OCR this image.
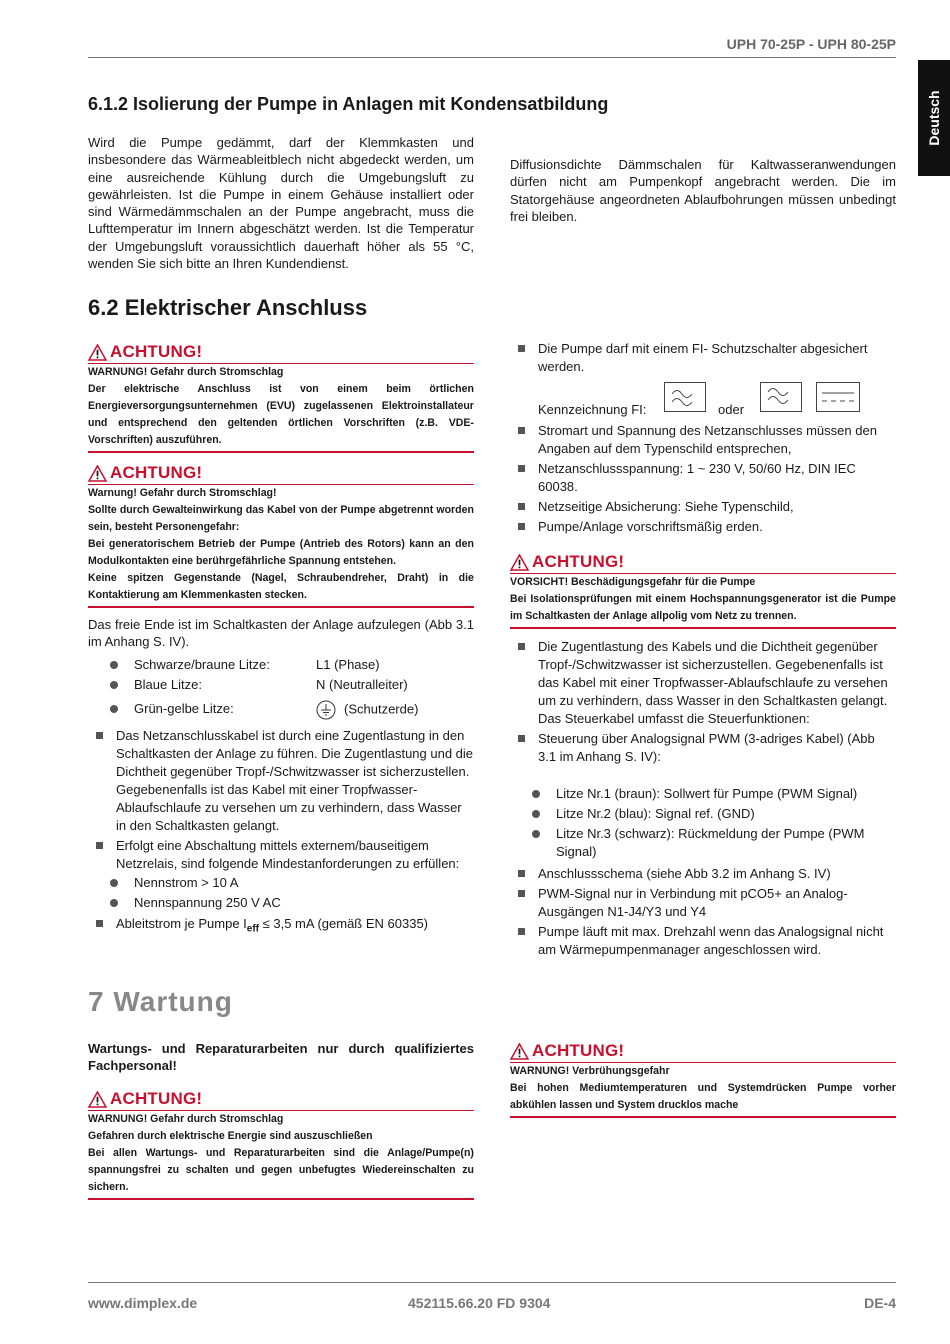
UPH 70-25P - UPH 80-25P
Deutsch
6.1.2 Isolierung der Pumpe in Anlagen mit Kondensatbildung
Wird die Pumpe gedämmt, darf der Klemmkasten und insbesondere das Wärmeableitblech nicht abgedeckt werden, um eine ausreichende Kühlung durch die Umgebungsluft zu gewährleisten. Ist die Pumpe in einem Gehäuse installiert oder sind Wärmedämmschalen an der Pumpe angebracht, muss die Lufttemperatur im Innern abgeschätzt werden. Ist die Temperatur der Umgebungsluft voraussichtlich dauerhaft höher als 55 °C, wenden Sie sich bitte an Ihren Kundendienst.
Diffusionsdichte Dämmschalen für Kaltwasseranwendungen dürfen nicht am Pumpenkopf angebracht werden. Die im Statorgehäuse angeordneten Ablaufbohrungen müssen unbedingt frei bleiben.
6.2 Elektrischer Anschluss
ACHTUNG!
WARNUNG! Gefahr durch Stromschlag
Der elektrische Anschluss ist von einem beim örtlichen Energieversorgungsunternehmen (EVU) zugelassenen Elektroinstallateur und entsprechend den geltenden örtlichen Vorschriften (z.B. VDE-Vorschriften) auszuführen.
ACHTUNG!
Warnung! Gefahr durch Stromschlag!
Sollte durch Gewalteinwirkung das Kabel von der Pumpe abgetrennt worden sein, besteht Personengefahr:
Bei generatorischem Betrieb der Pumpe (Antrieb des Rotors) kann an den Modulkontakten eine berührgefährliche Spannung entstehen.
Keine spitzen Gegenstande (Nagel, Schraubendreher, Draht) in die Kontaktierung am Klemmenkasten stecken.
Das freie Ende ist im Schaltkasten der Anlage aufzulegen (Abb 3.1 im Anhang S. IV).
Schwarze/braune Litze:	L1 (Phase)
Blaue Litze:	N (Neutralleiter)
Grün-gelbe Litze:	(Schutzerde)
Das Netzanschlusskabel ist durch eine Zugentlastung in den Schaltkasten der Anlage zu führen. Die Zugentlastung und die Dichtheit gegenüber Tropf-/Schwitzwasser ist sicherzustellen. Gegebenenfalls ist das Kabel mit einer Tropfwasser-Ablaufschlaufe zu versehen um zu verhindern, dass Wasser in den Schaltkasten gelangt.
Erfolgt eine Abschaltung mittels externem/bauseitigem Netzrelais, sind folgende Mindestanforderungen zu erfüllen:
Nennstrom > 10 A
Nennspannung 250 V AC
Ableitstrom je Pumpe $I_{eff} \le 3,5$ mA (gemäß EN 60335)
Die Pumpe darf mit einem FI- Schutzschalter abgesichert werden.
Kennzeichnung FI:	oder
Stromart und Spannung des Netzanschlusses müssen den Angaben auf dem Typenschild entsprechen,
Netzanschlussspannung: 1 ~ 230 V, 50/60 Hz, DIN IEC 60038.
Netzseitige Absicherung: Siehe Typenschild,
Pumpe/Anlage vorschriftsmäßig erden.
ACHTUNG!
VORSICHT! Beschädigungsgefahr für die Pumpe
Bei Isolationsprüfungen mit einem Hochspannungsgenerator ist die Pumpe im Schaltkasten der Anlage allpolig vom Netz zu trennen.
Die Zugentlastung des Kabels und die Dichtheit gegenüber Tropf-/Schwitzwasser ist sicherzustellen. Gegebenenfalls ist das Kabel mit einer Tropfwasser-Ablaufschlaufe zu versehen um zu verhindern, dass Wasser in den Schaltkasten gelangt. Das Steuerkabel umfasst die Steuerfunktionen:
Steuerung über Analogsignal PWM (3-adriges Kabel) (Abb 3.1 im Anhang S. IV):
Litze Nr.1 (braun): Sollwert für Pumpe (PWM Signal)
Litze Nr.2 (blau): Signal ref. (GND)
Litze Nr.3 (schwarz): Rückmeldung der Pumpe (PWM Signal)
Anschlussschema (siehe Abb 3.2 im Anhang S. IV)
PWM-Signal nur in Verbindung mit pCO5+ an Analog-Ausgängen N1-J4/Y3 und Y4
Pumpe läuft mit max. Drehzahl wenn das Analogsignal nicht am Wärmepumpenmanager angeschlossen wird.
7 Wartung
Wartungs- und Reparaturarbeiten nur durch qualifiziertes Fachpersonal!
ACHTUNG!
WARNUNG! Gefahr durch Stromschlag
Gefahren durch elektrische Energie sind auszuschließen
Bei allen Wartungs- und Reparaturarbeiten sind die Anlage/Pumpe(n) spannungsfrei zu schalten und gegen unbefugtes Wiedereinschalten zu sichern.
ACHTUNG!
WARNUNG! Verbrühungsgefahr
Bei hohen Mediumtemperaturen und Systemdrücken Pumpe vorher abkühlen lassen und System drucklos mache
www.dimplex.de	452115.66.20 FD 9304	DE-4
